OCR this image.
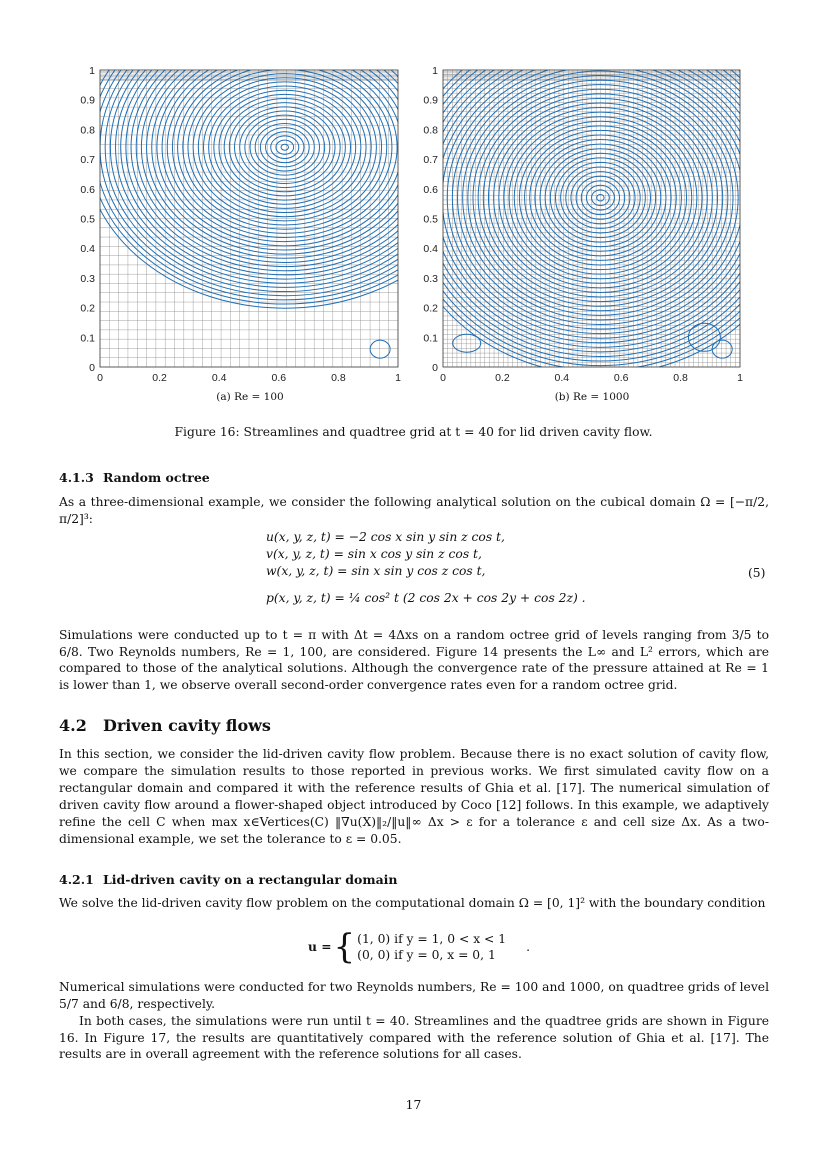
0	0.2	0.4	0.6	0.8	1
0
0.1
0.2
0.3
0.4
0.5
0.6
0.7
0.8
0.9
1
0	0.2	0.4	0.6	0.8	1
0
0.1
0.2
0.3
0.4
0.5
0.6
0.7
0.8
0.9
1
(a) Re = 100	(b) Re = 1000
Figure 16: Streamlines and quadtree grid at t = 40 for lid driven cavity flow.
4.1.3 Random octree

As a three-dimensional example, we consider the following analytical solution on the cubical domain Ω = [−π/2, π/2]³:

u(x, y, z, t) = −2 cos x sin y sin z cos t,
v(x, y, z, t) = sin x cos y sin z cos t,
w(x, y, z, t) = sin x sin y cos z cos t,
p(x, y, z, t) = ¼ cos² t (2 cos 2x + cos 2y + cos 2z) .
(5)

Simulations were conducted up to t = π with Δt = 4Δxs on a random octree grid of levels ranging from 3/5 to 6/8. Two Reynolds numbers, Re = 1, 100, are considered. Figure 14 presents the L∞ and L² errors, which are compared to those of the analytical solutions. Although the convergence rate of the pressure attained at Re = 1 is lower than 1, we observe overall second-order convergence rates even for a random octree grid.

4.2 Driven cavity flows

In this section, we consider the lid-driven cavity flow problem. Because there is no exact solution of cavity flow, we compare the simulation results to those reported in previous works. We first simulated cavity flow on a rectangular domain and compared it with the reference results of Ghia et al. [17]. The numerical simulation of driven cavity flow around a flower-shaped object introduced by Coco [12] follows. In this example, we adaptively refine the cell C when max x∈Vertices(C) ‖∇u(X)‖₂/‖u‖∞ Δx > ε for a tolerance ε and cell size Δx. As a two-dimensional example, we set the tolerance to ε = 0.05.

4.2.1 Lid-driven cavity on a rectangular domain

We solve the lid-driven cavity flow problem on the computational domain Ω = [0, 1]² with the boundary condition

u = { (1, 0) if y = 1, 0 < x < 1
(0, 0) if y = 0, x = 0, 1
.

Numerical simulations were conducted for two Reynolds numbers, Re = 100 and 1000, on quadtree grids of level 5/7 and 6/8, respectively.

In both cases, the simulations were run until t = 40. Streamlines and the quadtree grids are shown in Figure 16. In Figure 17, the results are quantitatively compared with the reference solution of Ghia et al. [17]. The results are in overall agreement with the reference solutions for all cases.

17
